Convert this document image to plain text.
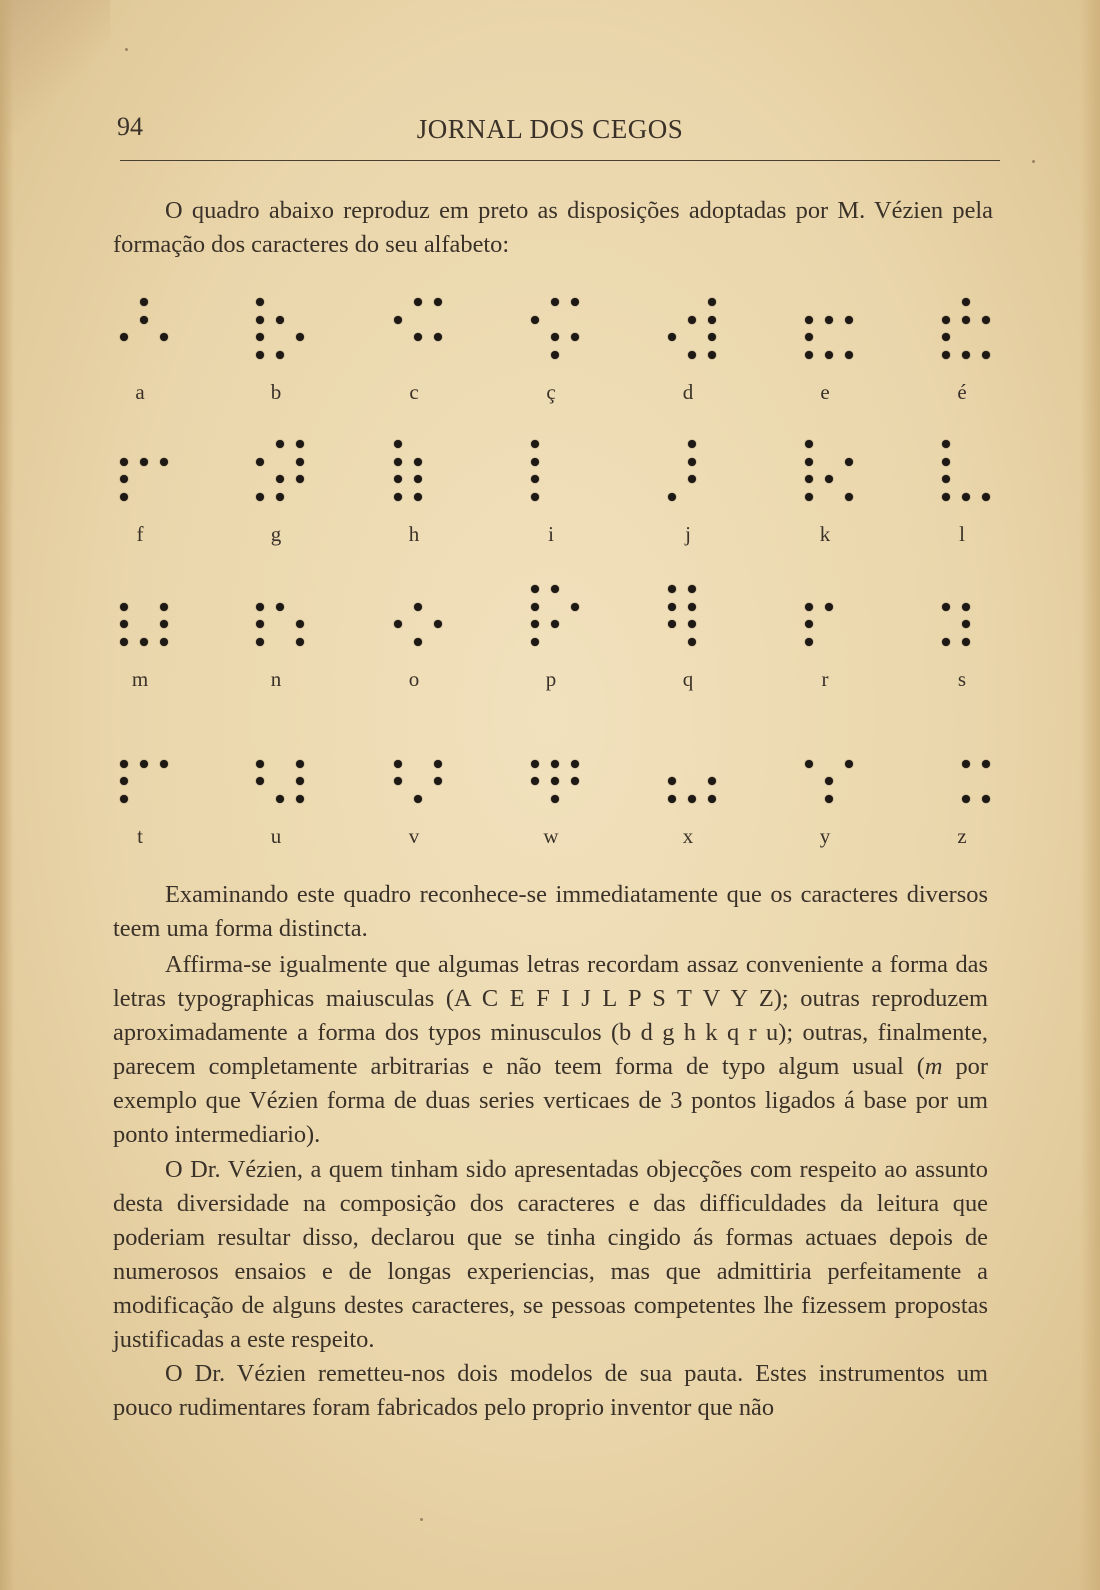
94	JORNAL DOS CEGOS

O quadro abaixo reproduz em preto as disposições adoptadas por M. Vézien pela formação dos caracteres do seu alfabeto:

a	b	c	ç	d	e	é
f	g	h	i	j	k	l
m	n	o	p	q	r	s
t	u	v	w	x	y	z

Examinando este quadro reconhece-se immediatamente que os caracteres diversos teem uma forma distincta.

Affirma-se igualmente que algumas letras recordam assaz conveniente a forma das letras typographicas maiusculas (A C E F I J L P S T V Y Z); outras reproduzem aproximadamente a forma dos typos minusculos (b d g h k q r u); outras, finalmente, parecem completamente arbitrarias e não teem forma de typo algum usual (m por exemplo que Vézien forma de duas series verticaes de 3 pontos ligados á base por um ponto intermediario).

O Dr. Vézien, a quem tinham sido apresentadas objecções com respeito ao assunto desta diversidade na composição dos caracteres e das difficuldades da leitura que poderiam resultar disso, declarou que se tinha cingido ás formas actuaes depois de numerosos ensaios e de longas experiencias, mas que admittiria perfeitamente a modificação de alguns destes caracteres, se pessoas competentes lhe fizessem propostas justificadas a este respeito.

O Dr. Vézien remetteu-nos dois modelos de sua pauta. Estes instrumentos um pouco rudimentares foram fabricados pelo proprio inventor que não
